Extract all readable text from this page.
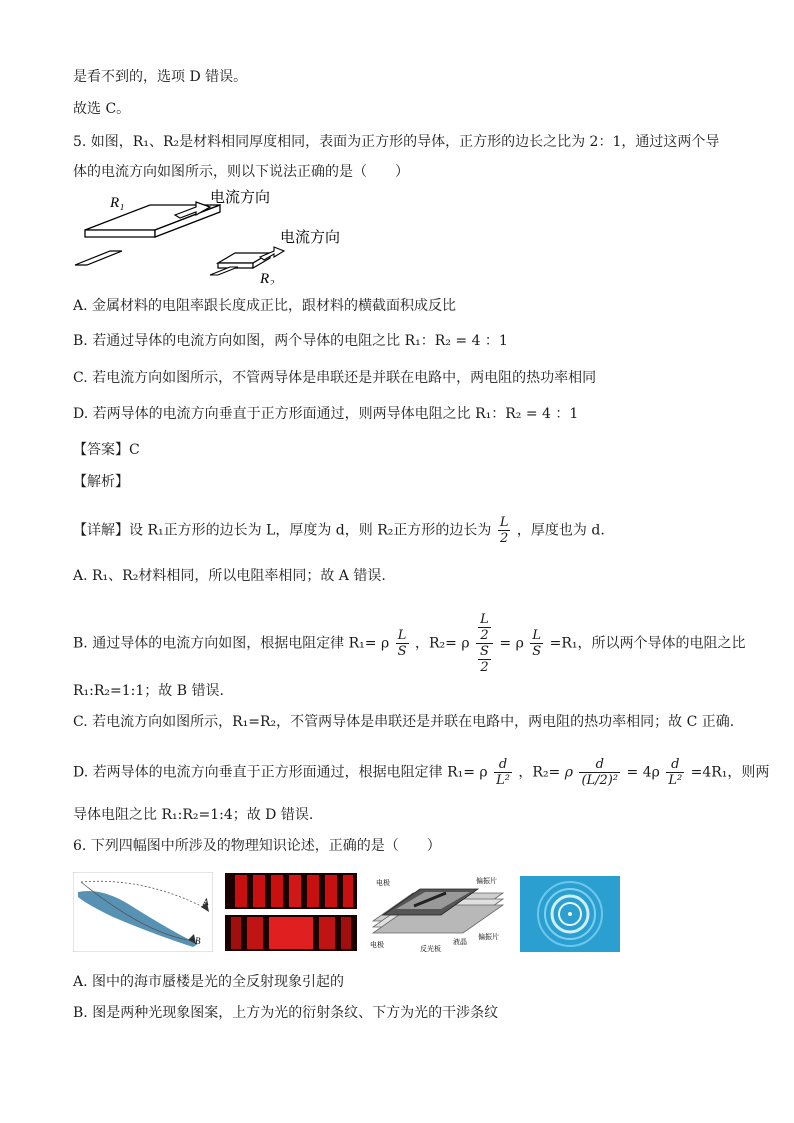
是看不到的，选项 D 错误。
故选 C。
5. 如图，R₁、R₂是材料相同厚度相同，表面为正方形的导体，正方形的边长之比为 2：1，通过这两个导
体的电流方向如图所示，则以下说法正确的是（　　）
R₁
R₂
电流方向
电流方向
A. 金属材料的电阻率跟长度成正比，跟材料的横截面积成反比
B. 若通过导体的电流方向如图，两个导体的电阻之比 R₁：R₂ = 4 ：1
C. 若电流方向如图所示，不管两导体是串联还是并联在电路中，两电阻的热功率相同
D. 若两导体的电流方向垂直于正方形面通过，则两导体电阻之比 R₁：R₂ = 4 ：1
【答案】C
【解析】
【详解】设 R₁正方形的边长为 L，厚度为 d，则 R₂正方形的边长为 $\frac{L}{2}$ ，厚度也为 d.
A. R₁、R₂材料相同，所以电阻率相同；故 A 错误.
B. 通过导体的电流方向如图，根据电阻定律 R₁= ρ $\frac{L}{S}$ ，R₂= ρ $\frac{\frac{L}{2}}{\frac{S}{2}} = \rho \frac{L}{S} =R_1$，所以两个导体的电阻之比
R₁:R₂=1:1；故 B 错误.
C. 若电流方向如图所示，R₁=R₂，不管两导体是串联还是并联在电路中，两电阻的热功率相同；故 C 正确.
D. 若两导体的电流方向垂直于正方形面通过，根据电阻定律 R₁= ρ $\frac{d}{\text{L²}}$ ，R₂= ρ $\frac{d}{\text{(L/2)²}} = 4\rho \frac{d}{\text{L²}} =4R_1$，则两
导体电阻之比 R₁:R₂=1:4；故 D 错误.
6. 下列四幅图中所涉及的物理知识论述，正确的是（　　）
A
B
电极	偏振片
电极	反光板
液晶
偏振片
A. 图中的海市蜃楼是光的全反射现象引起的
B. 图是两种光现象图案，上方为光的衍射条纹、下方为光的干涉条纹
